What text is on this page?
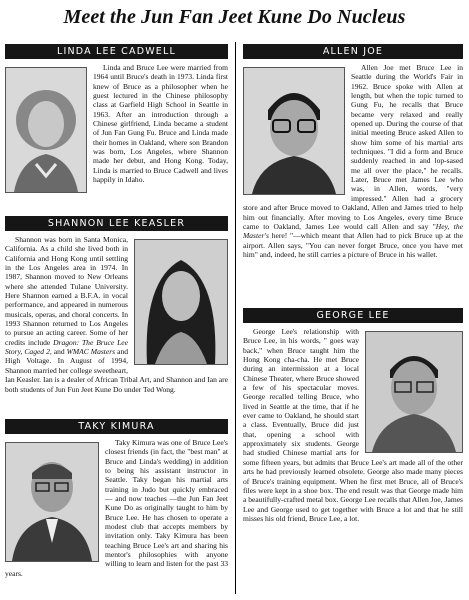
Meet the Jun Fan Jeet Kune Do Nucleus
LINDA LEE CADWELL

Linda and Bruce Lee were married from 1964 until Bruce's death in 1973. Linda first knew of Bruce as a philosopher when he guest lectured in the Chinese philosophy class at Garfield High School in Seattle in 1963. After an introduction through a Chinese girlfriend, Linda became a student of Jun Fan Gung Fu. Bruce and Linda made their homes in Oakland, where son Brandon was born, Los Angeles, where Shannon made her debut, and Hong Kong. Today, Linda is married to Bruce Cadwell and lives happily in Idaho.

SHANNON LEE KEASLER

Shannon was born in Santa Monica, California. As a child she lived both in California and Hong Kong until settling in the Los Angeles area in 1974. In 1987, Shannon moved to New Orleans where she attended Tulane University. Here Shannon earned a B.F.A. in vocal performance, and appeared in numerous musicals, operas, and choral concerts. In 1993 Shannon returned to Los Angeles to pursue an acting career. Some of her credits include Dragon: The Bruce Lee Story, Caged 2, and WMAC Masters and High Voltage. In August of 1994, Shannon married her college sweetheart, Ian Keasler. Ian is a dealer of African Tribal Art, and Shannon and Ian are both students of Jun Fun Jeet Kune Do under Ted Wong.

TAKY KIMURA

Taky Kimura was one of Bruce Lee's closest friends (in fact, the "best man" at Bruce and Linda's wedding) in addition to being his assistant instructor in Seattle. Taky began his martial arts training in Judo but quickly embraced — and now teaches —the Jun Fan Jeet Kune Do as originally taught to him by Bruce Lee. He has chosen to operate a modest club that accepts members by invitation only. Taky Kimura has been teaching Bruce Lee's art and sharing his mentor's philosophies with anyone willing to learn and listen for the past 33 years.

ALLEN JOE

Allen Joe met Bruce Lee in Seattle during the World's Fair in 1962. Bruce spoke with Allen at length, but when the topic turned to Gung Fu, he recalls that Bruce became very relaxed and really opened up. During the course of that initial meeting Bruce asked Allen to show him some of his martial arts techniques. "I did a form and Bruce suddenly reached in and lop-sased me all over the place," he recalls. Later, Bruce met James Lee who was, in Allen, words, "very impressed." Allen had a grocery store and after Bruce moved to Oakland, Allen and James tried to help him out financially. After moving to Los Angeles, every time Bruce came to Oakland, James Lee would call Allen and say "Hey, the Master's here! "—which meant that Allen had to pick Bruce up at the airport. Allen says, "You can never forget Bruce, once you have met him" and, indeed, he still carries a picture of Bruce in his wallet.

GEORGE LEE

George Lee's relationship with Bruce Lee, in his words, " goes way back," when Bruce taught him the Hong Kong cha-cha. He met Bruce during an intermission at a local Chinese Theater, where Bruce showed a few of his spectacular moves. George recalled telling Bruce, who lived in Seattle at the time, that if he ever came to Oakland, he should start a class. Eventually, Bruce did just that, opening a school with approximately six students. George had studied Chinese martial arts for some fifteen years, but admits that Bruce Lee's art made all of the other arts he had previously learned obsolete. George also made many pieces of Bruce's training equipment. When he first met Bruce, all of Bruce's files were kept in a shoe box. The end result was that George made him a beautifully-crafted metal box. George Lee recalls that Allen Joe, James Lee and George used to get together with Bruce a lot and that he still misses his old friend, Bruce Lee, a lot.
